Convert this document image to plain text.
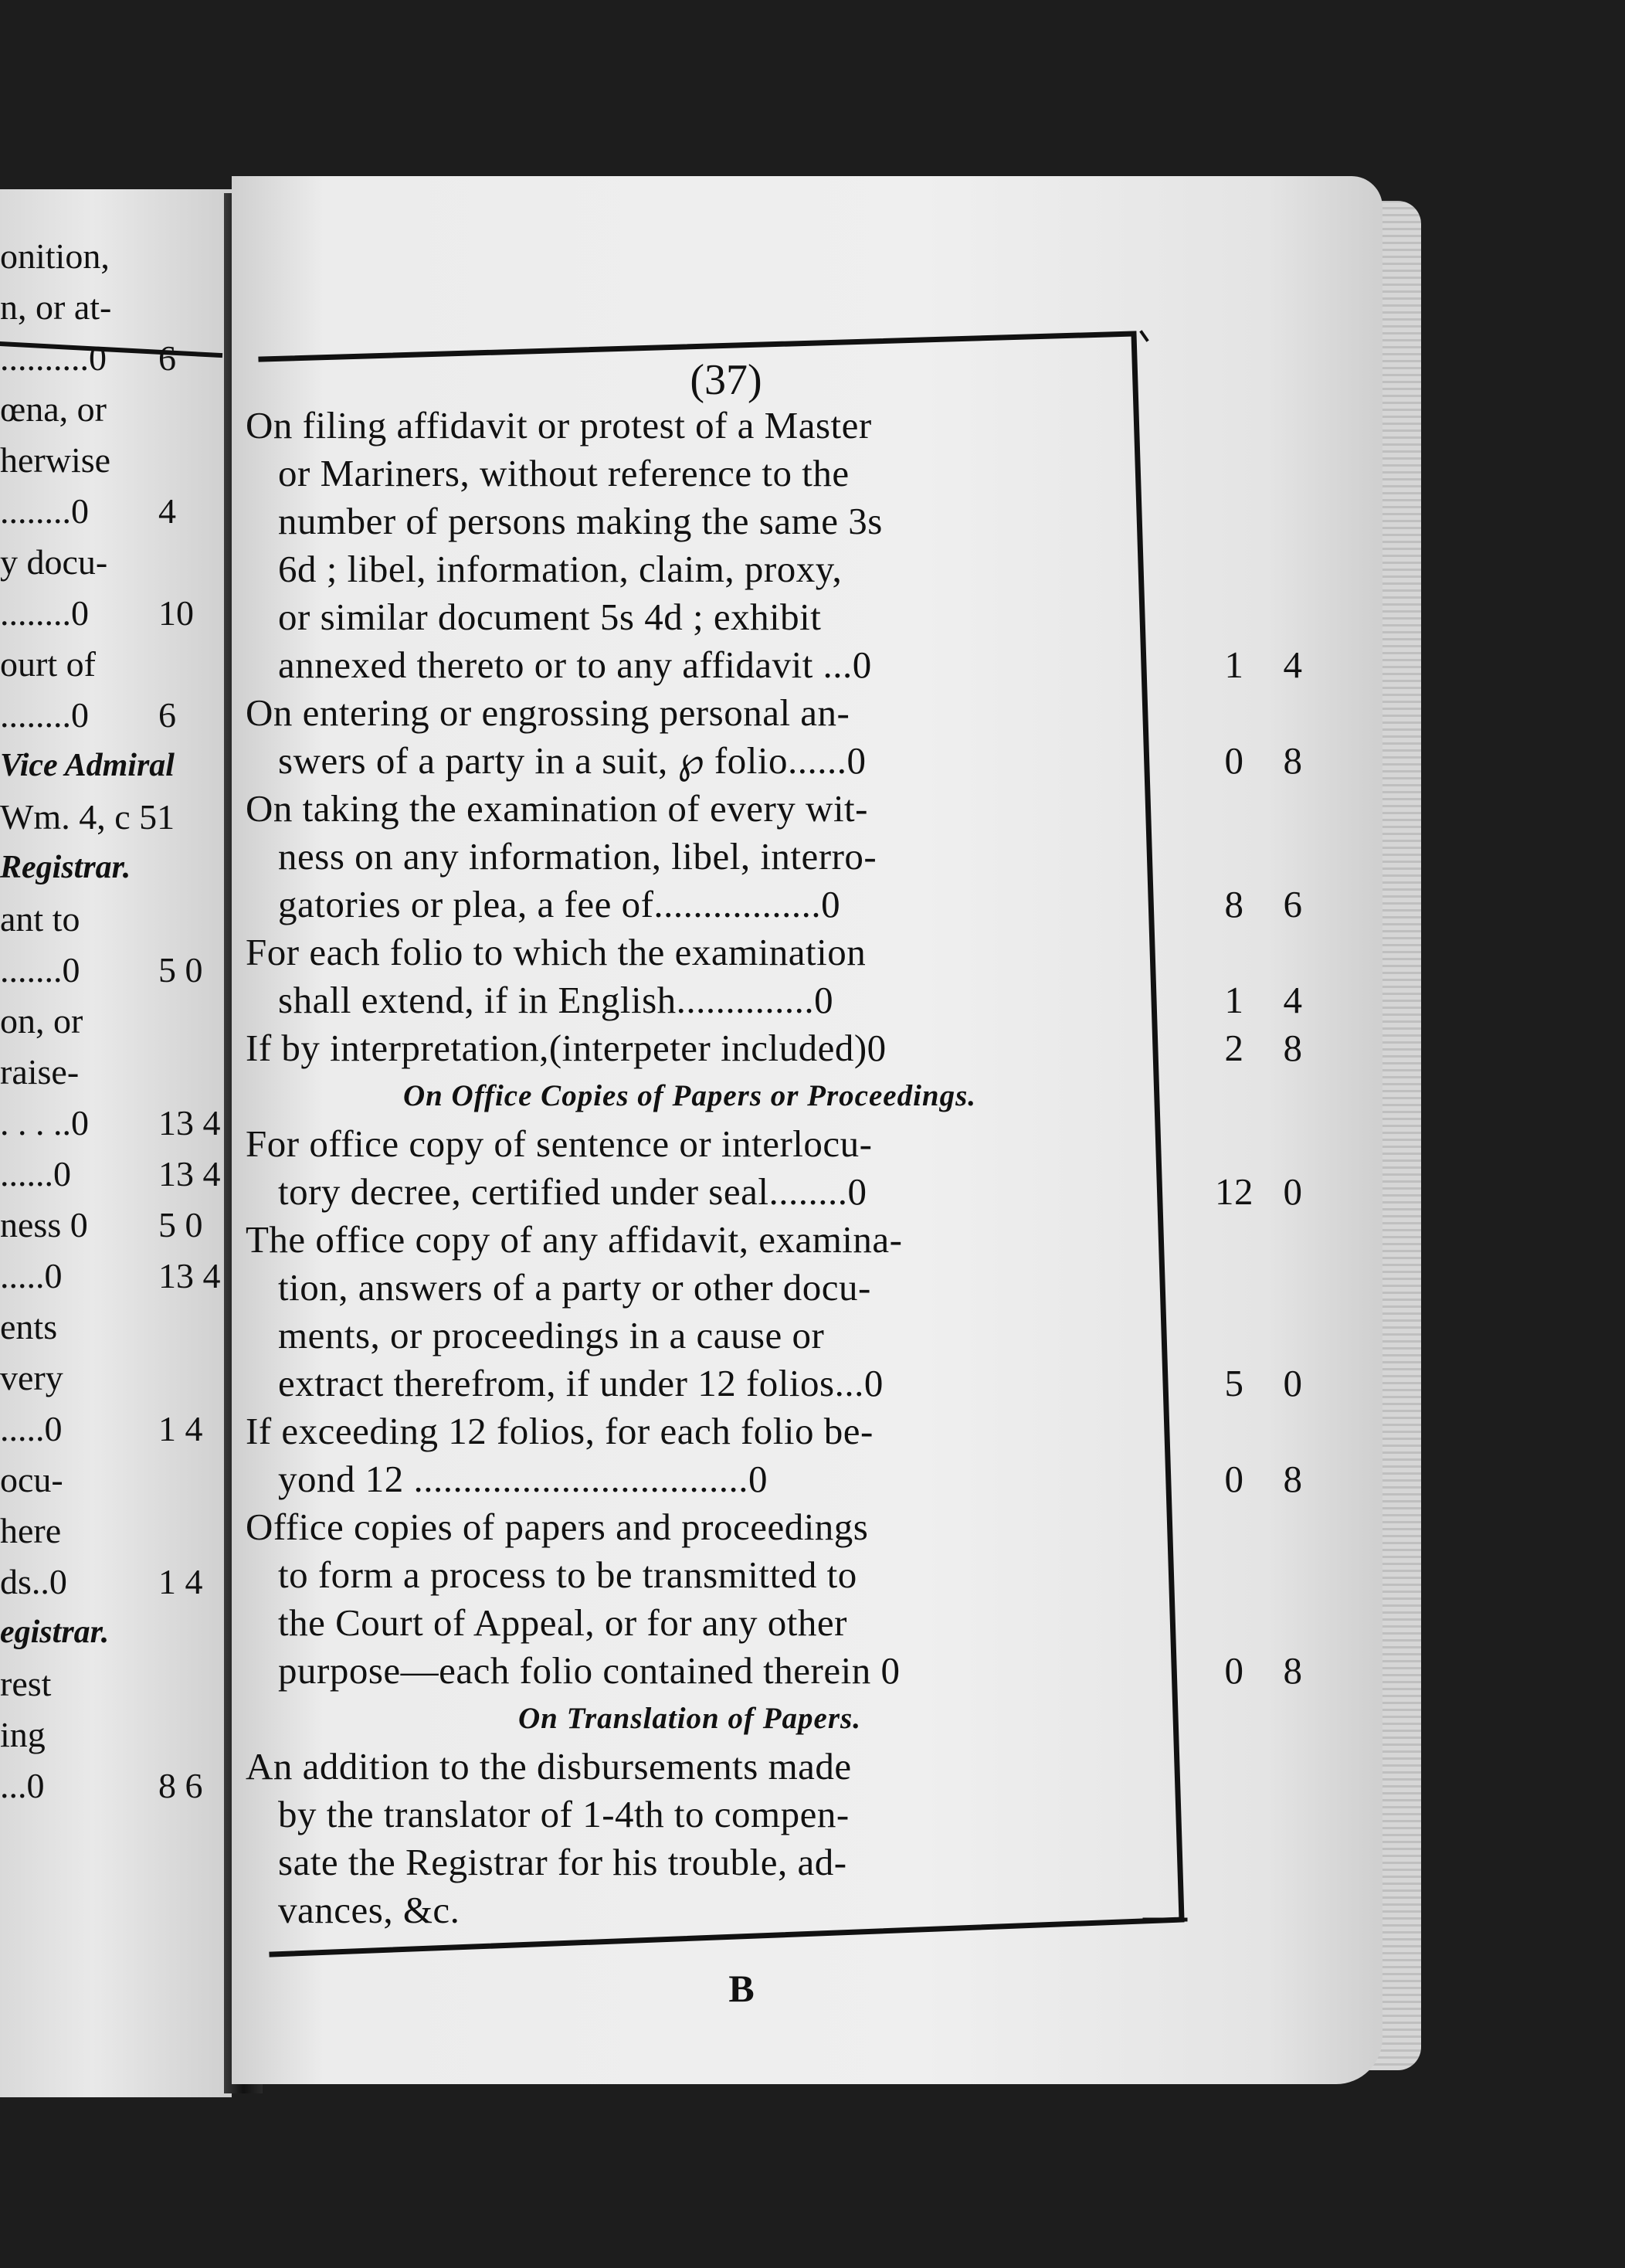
onition,
n, or at-
..........0	6
œna, or
herwise
........0	4
y docu-
........0	10
ourt of
........0	6
Vice Admiral
Wm. 4, c 51
Registrar.
ant to
.......0	5 0
on, or
raise-
. . . ..0	13 4
......0	13 4
ness 0	5 0
.....0	13 4
ents
very
.....0	1 4
ocu-
here
ds..0	1 4
egistrar.
rest
ing
...0	8 6
(37)
On filing affidavit or protest of a Master
or Mariners, without reference to the
number of persons making the same 3s
6d ; libel, information, claim, proxy,
or similar document 5s 4d ; exhibit
annexed thereto or to any affidavit ...0	1	4
On entering or engrossing personal an-
swers of a party in a suit, ℘ folio......0	0	8
On taking the examination of every wit-
ness on any information, libel, interro-
gatories or plea, a fee of.................0	8	6
For each folio to which the examination
shall extend, if in English..............0	1	4
If by interpretation,(interpeter included)0	2	8
On Office Copies of Papers or Proceedings.
For office copy of sentence or interlocu-
tory decree, certified under seal........0	12 0
The office copy of any affidavit, examina-
tion, answers of a party or other docu-
ments, or proceedings in a cause or
extract therefrom, if under 12 folios...0	5	0
If exceeding 12 folios, for each folio be-
yond 12 ..................................0	0	8
Office copies of papers and proceedings
to form a process to be transmitted to
the Court of Appeal, or for any other
purpose—each folio contained therein 0	0	8
On Translation of Papers.
An addition to the disbursements made
by the translator of 1-4th to compen-
sate the Registrar for his trouble, ad-
vances, &c.
B
